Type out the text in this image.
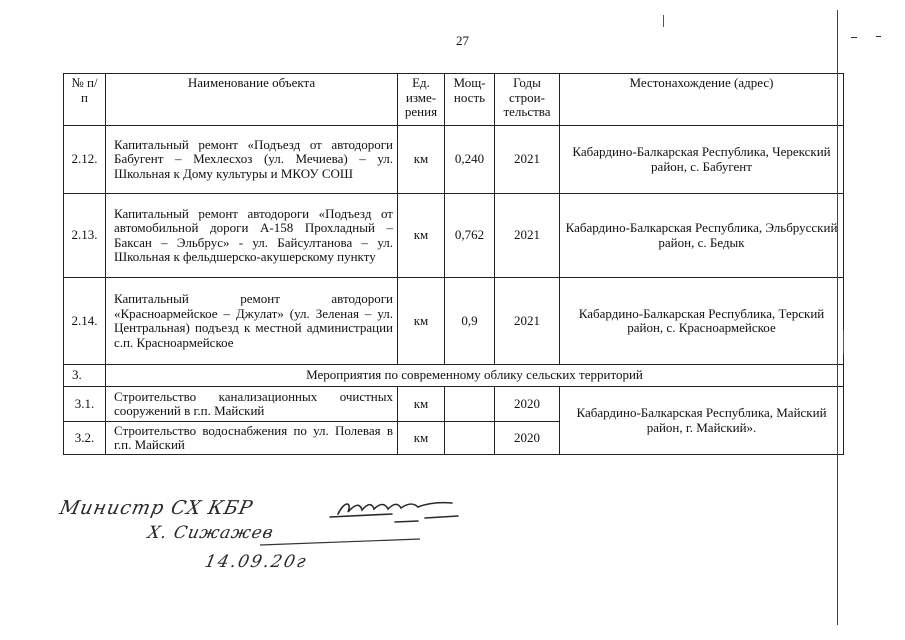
27
№ п/п	Наименование объекта	Ед. изме-рения	Мощ-ность	Годы строи-тельства	Местонахождение (адрес)
2.12.	Капитальный ремонт «Подъезд от автодороги Бабугент – Мехлесхоз (ул. Мечиева) – ул. Школьная к Дому культуры и МКОУ СОШ	км	0,240	2021	Кабардино-Балкарская Республика, Черекский район, с. Бабугент
2.13.	Капитальный ремонт автодороги «Подъезд от автомобильной дороги А-158 Прохладный – Баксан – Эльбрус» - ул. Байсултанова – ул. Школьная к фельдшерско-акушерскому пункту	км	0,762	2021	Кабардино-Балкарская Республика, Эльбрусский район, с. Бедык
2.14.	Капитальный ремонт автодороги «Красноармейское – Джулат» (ул. Зеленая – ул. Центральная) подъезд к местной администрации с.п. Красноармейское	км	0,9	2021	Кабардино-Балкарская Республика, Терский район, с. Красноармейское
3.	Мероприятия по современному облику сельских территорий				
3.1.	Строительство канализационных очистных сооружений в г.п. Майский	км		2020	Кабардино-Балкарская Республика, Майский район, г. Майский».
3.2.	Строительство водоснабжения по ул. Полевая в г.п. Майский	км		2020	
Министр СХ КБР
Х. Сижажев
14.09.20г
